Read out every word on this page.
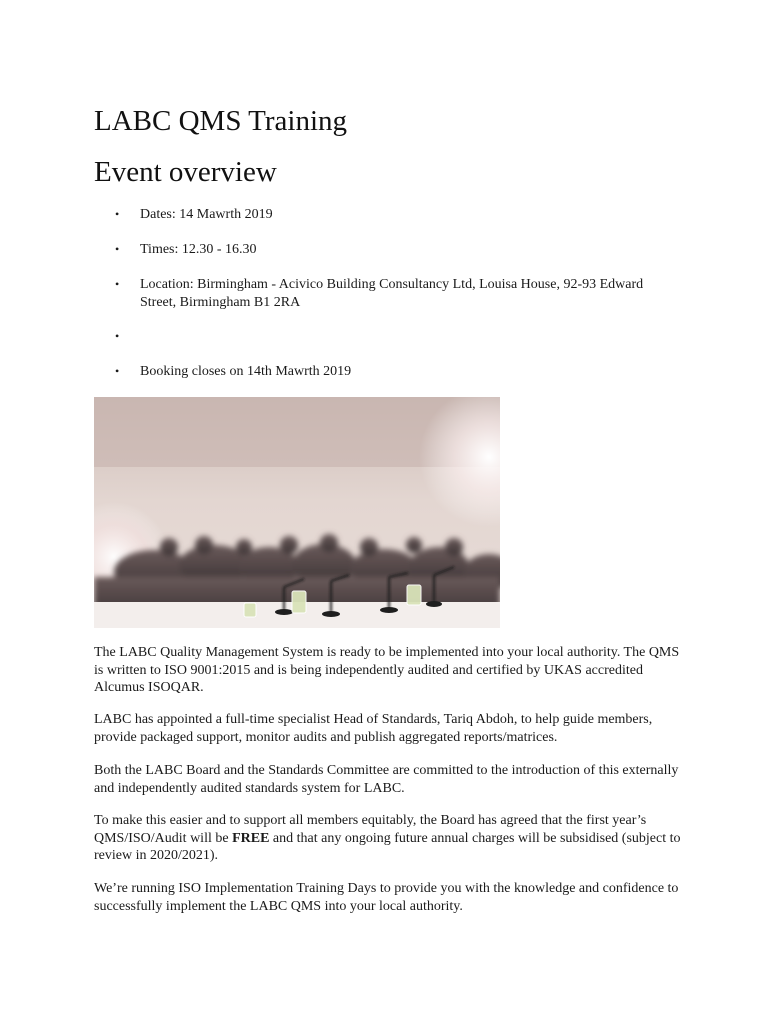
LABC QMS Training
Event overview
•	Dates: 14 Mawrth 2019
•	Times: 12.30 - 16.30
•	Location: Birmingham - Acivico Building Consultancy Ltd, Louisa House, 92-93 Edward Street, Birmingham B1 2RA
•
•	Booking closes on 14th Mawrth 2019

The LABC Quality Management System is ready to be implemented into your local authority. The QMS is written to ISO 9001:2015 and is being independently audited and certified by UKAS accredited Alcumus ISOQAR.

LABC has appointed a full-time specialist Head of Standards, Tariq Abdoh, to help guide members, provide packaged support, monitor audits and publish aggregated reports/matrices.

Both the LABC Board and the Standards Committee are committed to the introduction of this externally and independently audited standards system for LABC.

To make this easier and to support all members equitably, the Board has agreed that the first year’s QMS/ISO/Audit will be FREE and that any ongoing future annual charges will be subsidised (subject to review in 2020/2021).

We’re running ISO Implementation Training Days to provide you with the knowledge and confidence to successfully implement the LABC QMS into your local authority.
